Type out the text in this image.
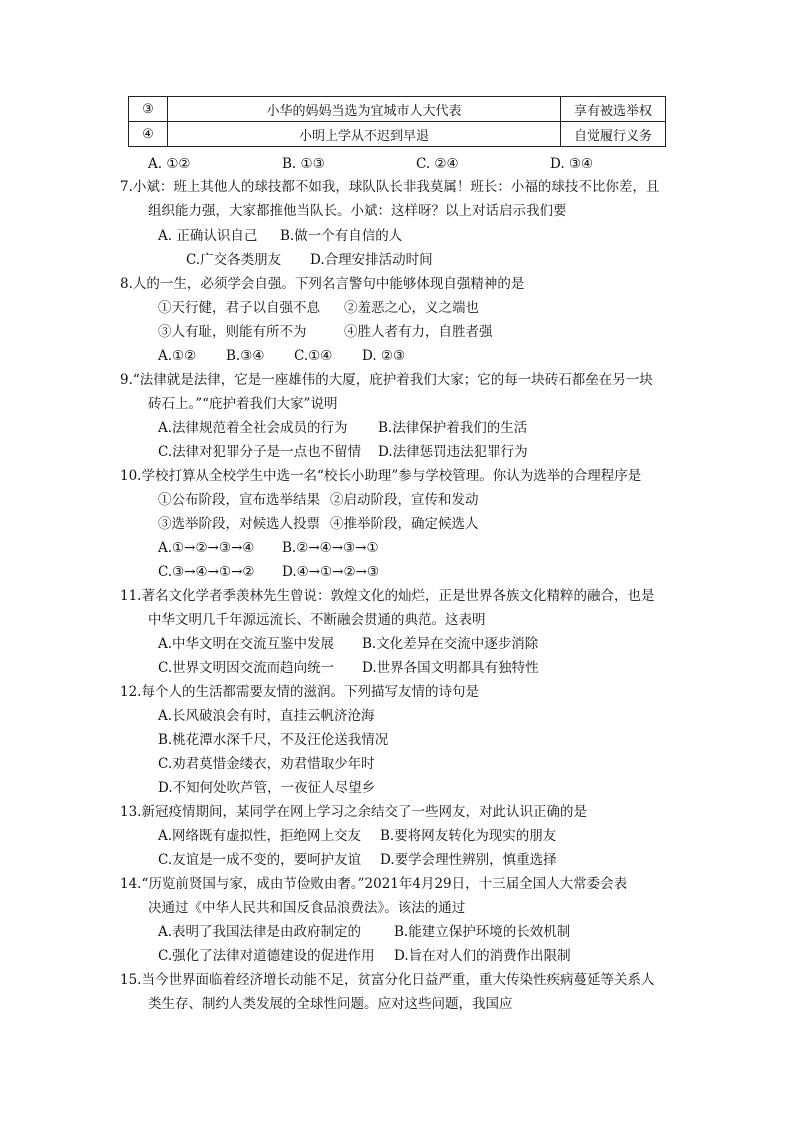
③	小华的妈妈当选为宜城市人大代表	享有被选举权
④	小明上学从不迟到早退	自觉履行义务
A. ①②	B. ①③	C. ②④	D. ③④
7.小斌：班上其他人的球技都不如我，球队队长非我莫属！班长：小福的球技不比你差，且
组织能力强，大家都推他当队长。小斌：这样呀？以上对话启示我们要
A. 正确认识自己 B.做一个有自信的人
C.广交各类朋友 D.合理安排活动时间
8.人的一生，必须学会自强。下列名言警句中能够体现自强精神的是
①天行健，君子以自强不息 ②羞恶之心，义之端也
③人有耻，则能有所不为	④胜人者有力，自胜者强
A.①② B.③④ C.①④ D. ②③
9.“法律就是法律，它是一座雄伟的大厦，庇护着我们大家；它的每一块砖石都垒在另一块
砖石上。”“庇护着我们大家”说明
A.法律规范着全社会成员的行为 B.法律保护着我们的生活
C.法律对犯罪分子是一点也不留情 D.法律惩罚违法犯罪行为
10.学校打算从全校学生中选一名“校长小助理”参与学校管理。你认为选举的合理程序是
①公布阶段，宣布选举结果 ②启动阶段，宣传和发动
③选举阶段，对候选人投票 ④推举阶段，确定候选人
A.①→②→③→④ B.②→④→③→①
C.③→④→①→② D.④→①→②→③
11.著名文化学者季羡林先生曾说：敦煌文化的灿烂，正是世界各族文化精粹的融合，也是
中华文明几千年源远流长、不断融会贯通的典范。这表明
A.中华文明在交流互鉴中发展 B.文化差异在交流中逐步消除
C.世界文明因交流而趋向统一 D.世界各国文明都具有独特性
12.每个人的生活都需要友情的滋润。下列描写友情的诗句是
A.长风破浪会有时，直挂云帆济沧海
B.桃花潭水深千尺，不及汪伦送我情况
C.劝君莫惜金缕衣，劝君惜取少年时
D.不知何处吹芦管，一夜征人尽望乡
13.新冠疫情期间，某同学在网上学习之余结交了一些网友，对此认识正确的是
A.网络既有虚拟性，拒绝网上交友 B.要将网友转化为现实的朋友
C.友谊是一成不变的，要呵护友谊 D.要学会理性辨别，慎重选择
14.“历览前贤国与家，成由节俭败由奢。”2021年4月29日，十三届全国人大常委会表
决通过《中华人民共和国反食品浪费法》。该法的通过
A.表明了我国法律是由政府制定的 B.能建立保护环境的长效机制
C.强化了法律对道德建设的促进作用 D.旨在对人们的消费作出限制
15.当今世界面临着经济增长动能不足，贫富分化日益严重，重大传染性疾病蔓延等关系人
类生存、制约人类发展的全球性问题。应对这些问题，我国应
